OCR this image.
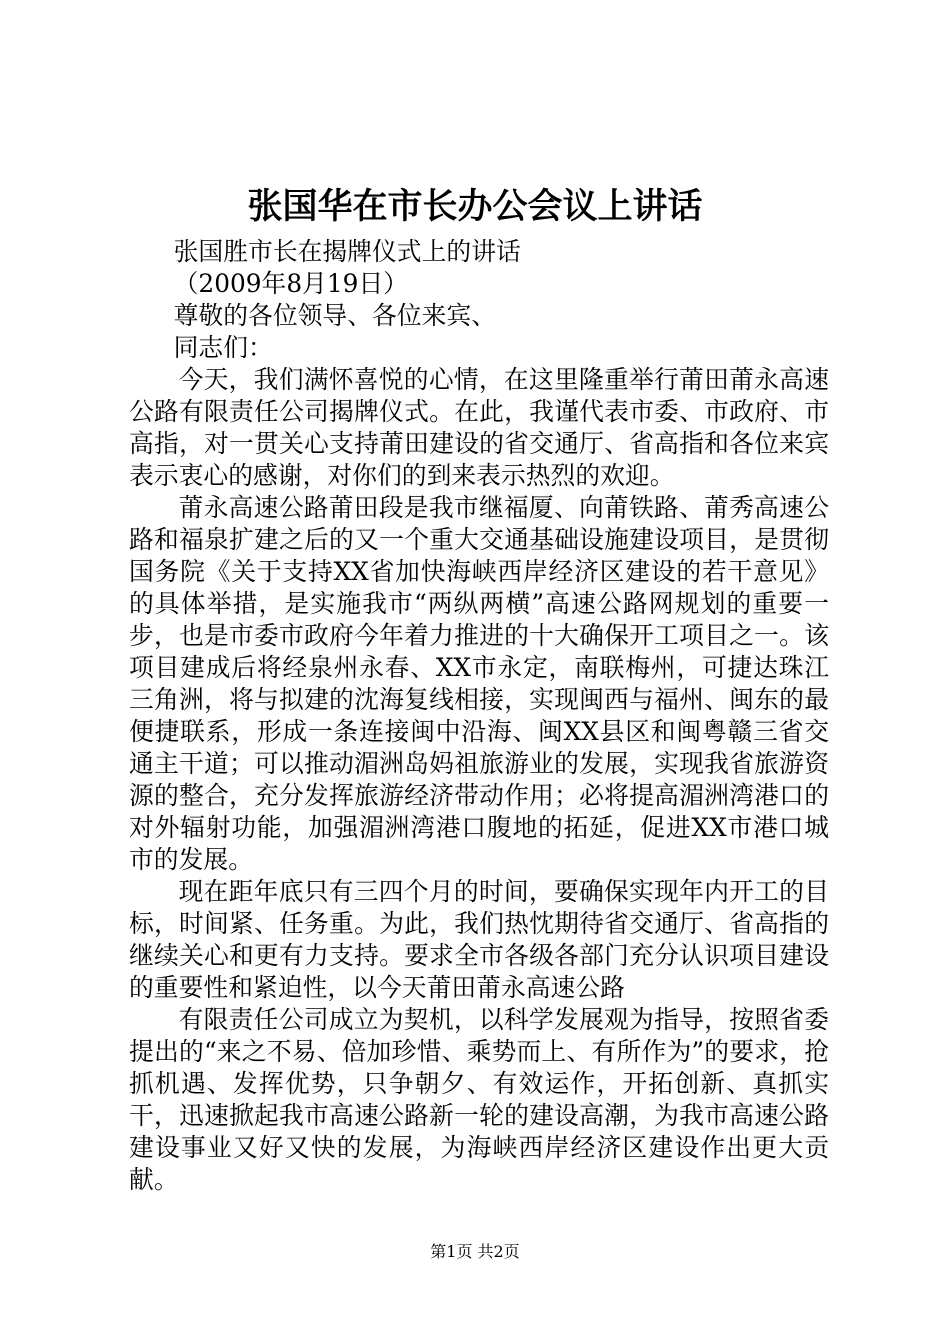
张国华在市长办公会议上讲话

张国胜市长在揭牌仪式上的讲话

（2009年8月19日）

尊敬的各位领导、各位来宾、

同志们：

今天，我们满怀喜悦的心情，在这里隆重举行莆田莆永高速公路有限责任公司揭牌仪式。在此，我谨代表市委、市政府、市高指，对一贯关心支持莆田建设的省交通厅、省高指和各位来宾表示衷心的感谢，对你们的到来表示热烈的欢迎。

莆永高速公路莆田段是我市继福厦、向莆铁路、莆秀高速公路和福泉扩建之后的又一个重大交通基础设施建设项目，是贯彻国务院《关于支持XX省加快海峡西岸经济区建设的若干意见》的具体举措，是实施我市“两纵两横”高速公路网规划的重要一步，也是市委市政府今年着力推进的十大确保开工项目之一。该项目建成后将经泉州永春、XX市永定，南联梅州，可捷达珠江三角洲，将与拟建的沈海复线相接，实现闽西与福州、闽东的最便捷联系，形成一条连接闽中沿海、闽XX县区和闽粤赣三省交通主干道；可以推动湄洲岛妈祖旅游业的发展，实现我省旅游资源的整合，充分发挥旅游经济带动作用；必将提高湄洲湾港口的对外辐射功能，加强湄洲湾港口腹地的拓延，促进XX市港口城市的发展。

现在距年底只有三四个月的时间，要确保实现年内开工的目标，时间紧、任务重。为此，我们热忱期待省交通厅、省高指的继续关心和更有力支持。要求全市各级各部门充分认识项目建设的重要性和紧迫性，以今天莆田莆永高速公路

有限责任公司成立为契机，以科学发展观为指导，按照省委提出的“来之不易、倍加珍惜、乘势而上、有所作为”的要求，抢抓机遇、发挥优势，只争朝夕、有效运作，开拓创新、真抓实干，迅速掀起我市高速公路新一轮的建设高潮，为我市高速公路建设事业又好又快的发展，为海峡西岸经济区建设作出更大贡献。

第1页 共2页
